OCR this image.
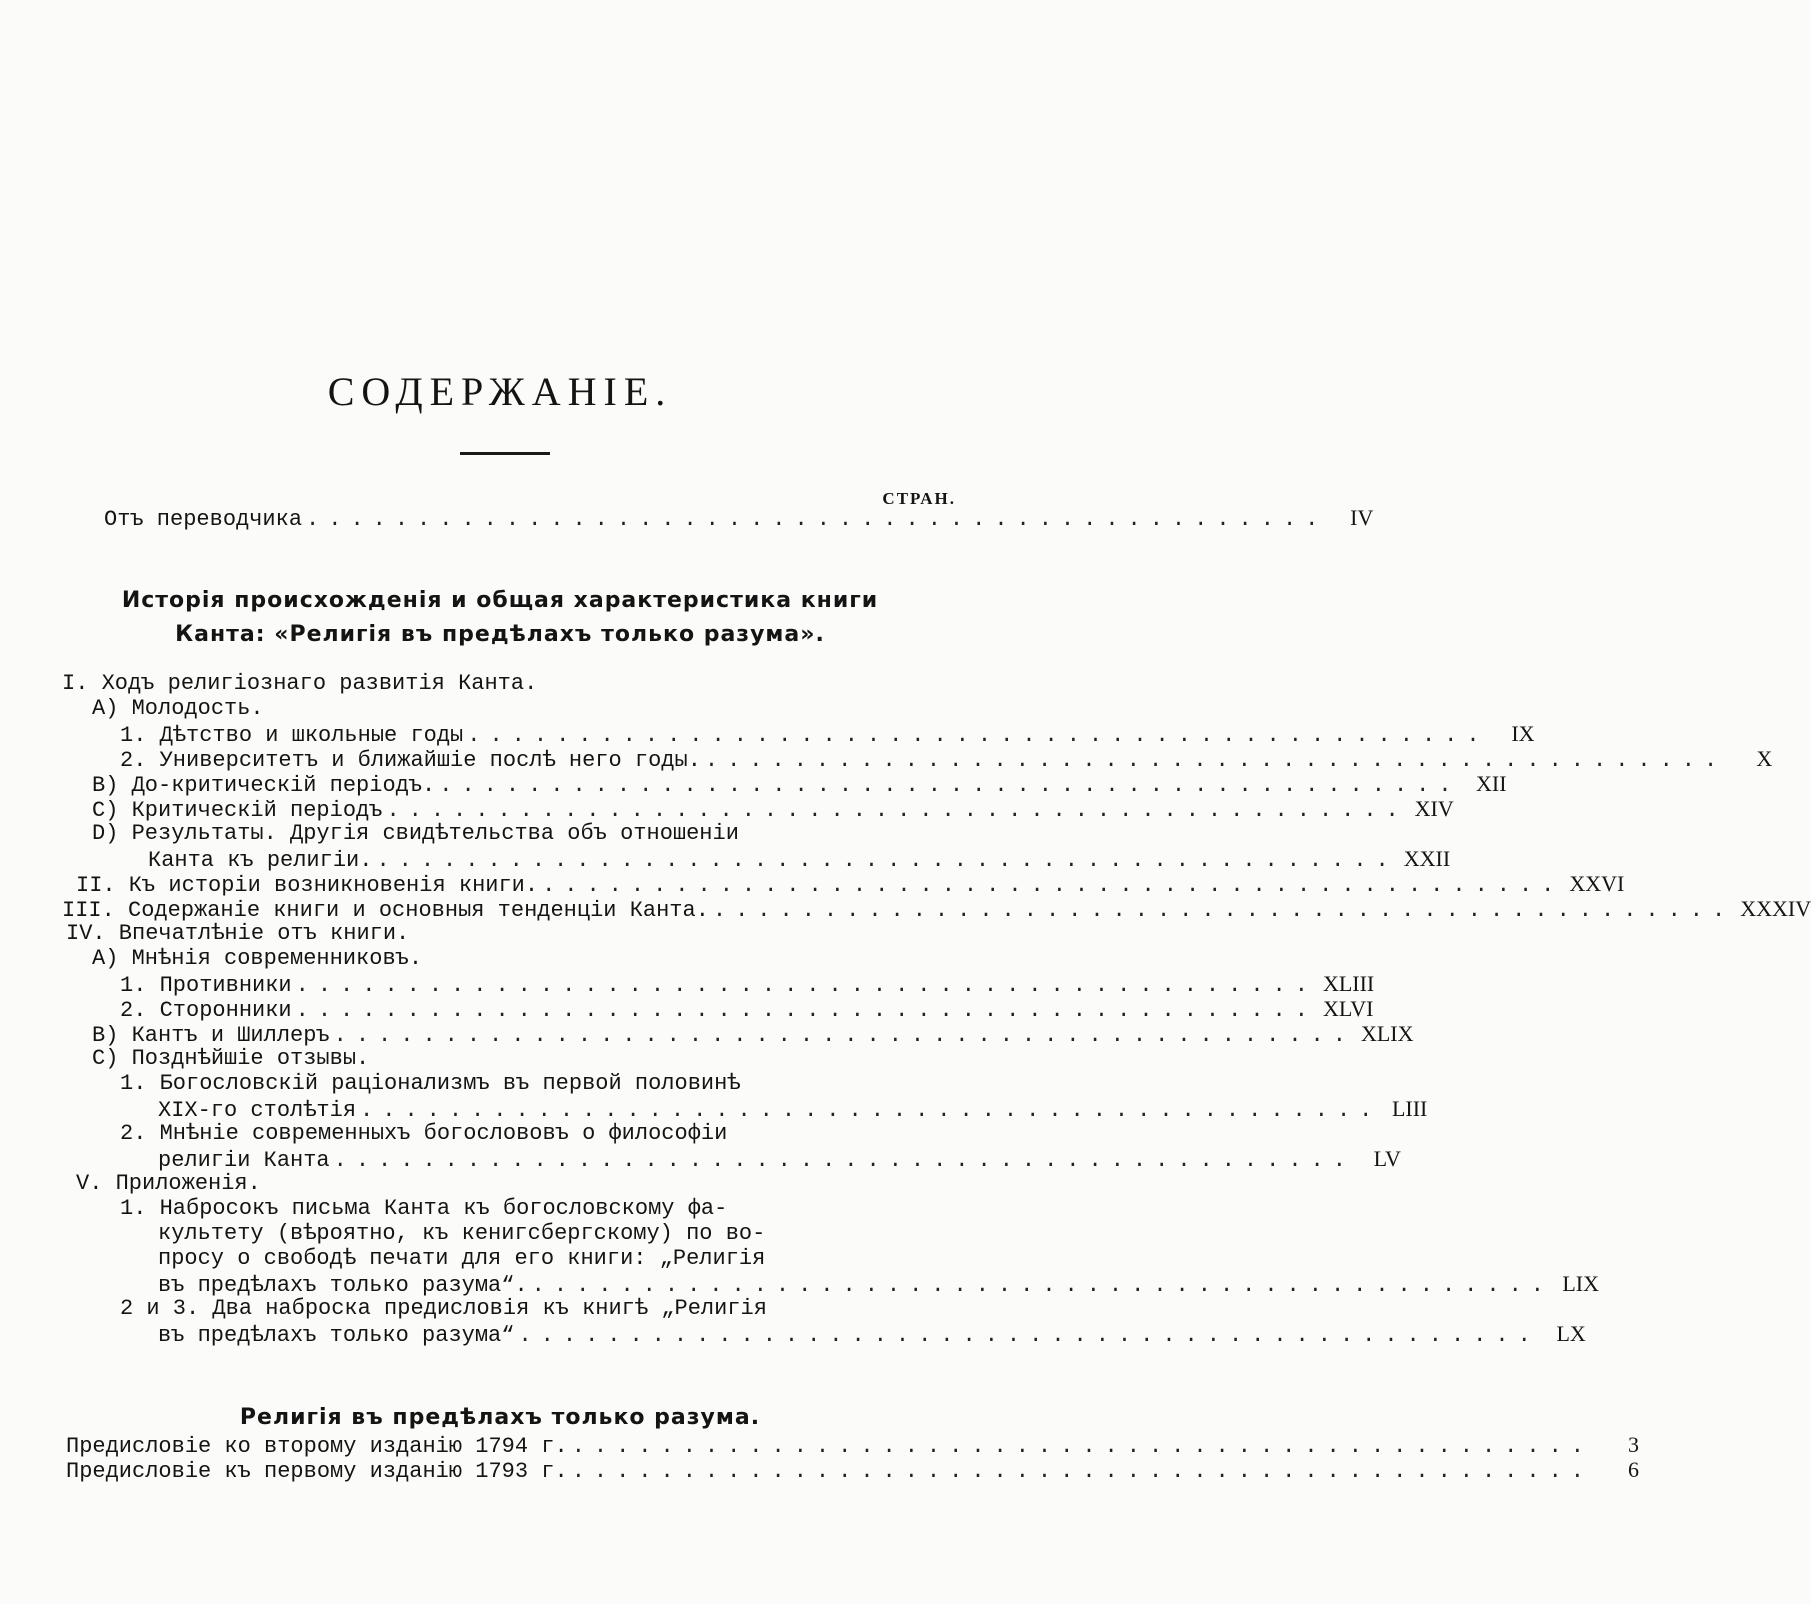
СОДЕРЖАНІЕ.
СТРАН.
Отъ переводчика ..............................................	IV
Исторія происхожденія и общая характеристика книги
Канта: «Религія въ предѣлахъ только разума».
I. Ходъ религіознаго развитія Канта.
А) Молодость.
1. Дѣтство и школьные годы ..............................................	IX
2. Университетъ и ближайшіе послѣ него годы. ..............................................	X
В) До-критическій періодъ. .............................................. XII
С) Критическій періодъ .............................................. XIV
D) Результаты. Другія свидѣтельства объ отношеніи
Канта къ религіи. .............................................. XXII
II. Къ исторіи возникновенія книги. .............................................. XXVI
III. Содержаніе книги и основныя тенденціи Канта. .............................................. XXXIV
IV. Впечатлѣніе отъ книги.
А) Мнѣнія современниковъ.
1. Противники .............................................. XLIII
2. Сторонники .............................................. XLVI
В) Кантъ и Шиллеръ .............................................. XLIX
С) Позднѣйшіе отзывы.
1. Богословскій раціонализмъ въ первой половинѣ
XIX-го столѣтія .............................................. LIII
2. Мнѣніе современныхъ богослововъ о философіи
религіи Канта .............................................. LV
V. Приложенія.
1. Набросокъ письма Канта къ богословскому фа-
культету (вѣроятно, къ кенигсбергскому) по во-
просу о свободѣ печати для его книги: „Религія
въ предѣлахъ только разума“. .............................................. LIX
2 и 3. Два наброска предисловія къ книгѣ „Религія
въ предѣлахъ только разума“ .............................................. LX
Религія въ предѣлахъ только разума.
Предисловіе ко второму изданію 1794 г. ..............................................	3
Предисловіе къ первому изданію 1793 г. ..............................................	6
